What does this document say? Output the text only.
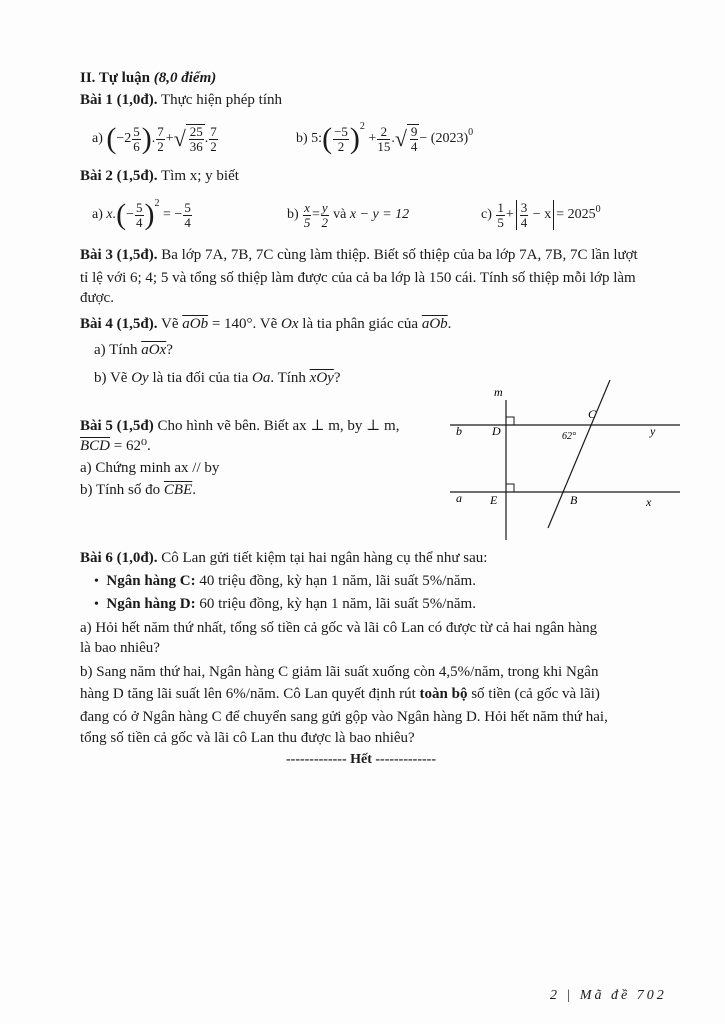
II. Tự luận (8,0 điểm)
Bài 1 (1,0đ). Thực hiện phép tính
a)
( $-2 \frac{5}{6}$ ) . $\frac{7}{2}$ + √ $\frac{25}{36}$ . $\frac{7}{2}$	b)
5: ( $\frac{-5}{2} )^2$
+ $\frac{2}{15}$ . √ $\frac{9}{4} - (2023)^0$
Bài 2 (1,5đ). Tìm x; y biết
a)
x. ( − $\frac{5}{4} )^2$

= − $\frac{5}{4}$	b)
$\frac{x}{5} = \frac{y}{2}$
và
x − y = 12	c)
$\frac{1}{5} + \frac{3}{4}$
− $x = 2025^0$
Bài 3 (1,5đ). Ba lớp 7A, 7B, 7C cùng làm thiệp. Biết số thiệp của ba lớp 7A, 7B, 7C lần lượt
tỉ lệ với 6; 4; 5 và tổng số thiệp làm được của cả ba lớp là 150 cái. Tính số thiệp mỗi lớp làm
được.
Bài 4 (1,5đ). Vẽ $\overline{aOb} = 140^\circ$. Vẽ Ox là tia phân giác của $\overline{aOb}$.
a) Tính $\overline{aOx}$?
b) Vẽ Oy là tia đối của tia Oa. Tính $\overline{xOy}$?
Bài 5 (1,5đ) Cho hình vẽ bên. Biết ax ⊥ m, by ⊥ m,
$\overline{BCD} = 62^0$.
a) Chứng minh ax // by
b) Tính số đo $\overline{CBE}$.
m
b	D
C
62°	y
a E	B	x
Bài 6 (1,0đ). Cô Lan gửi tiết kiệm tại hai ngân hàng cụ thể như sau:
• Ngân hàng C: 40 triệu đồng, kỳ hạn 1 năm, lãi suất 5%/năm.
• Ngân hàng D: 60 triệu đồng, kỳ hạn 1 năm, lãi suất 5%/năm.
a) Hỏi hết năm thứ nhất, tổng số tiền cả gốc và lãi cô Lan có được từ cả hai ngân hàng
là bao nhiêu?
b) Sang năm thứ hai, Ngân hàng C giảm lãi suất xuống còn 4,5%/năm, trong khi Ngân
hàng D tăng lãi suất lên 6%/năm. Cô Lan quyết định rút toàn bộ số tiền (cả gốc và lãi)
đang có ở Ngân hàng C để chuyển sang gửi gộp vào Ngân hàng D. Hỏi hết năm thứ hai,
tổng số tiền cả gốc và lãi cô Lan thu được là bao nhiêu?
------------- Hết -------------
2 | Mã đề 702
